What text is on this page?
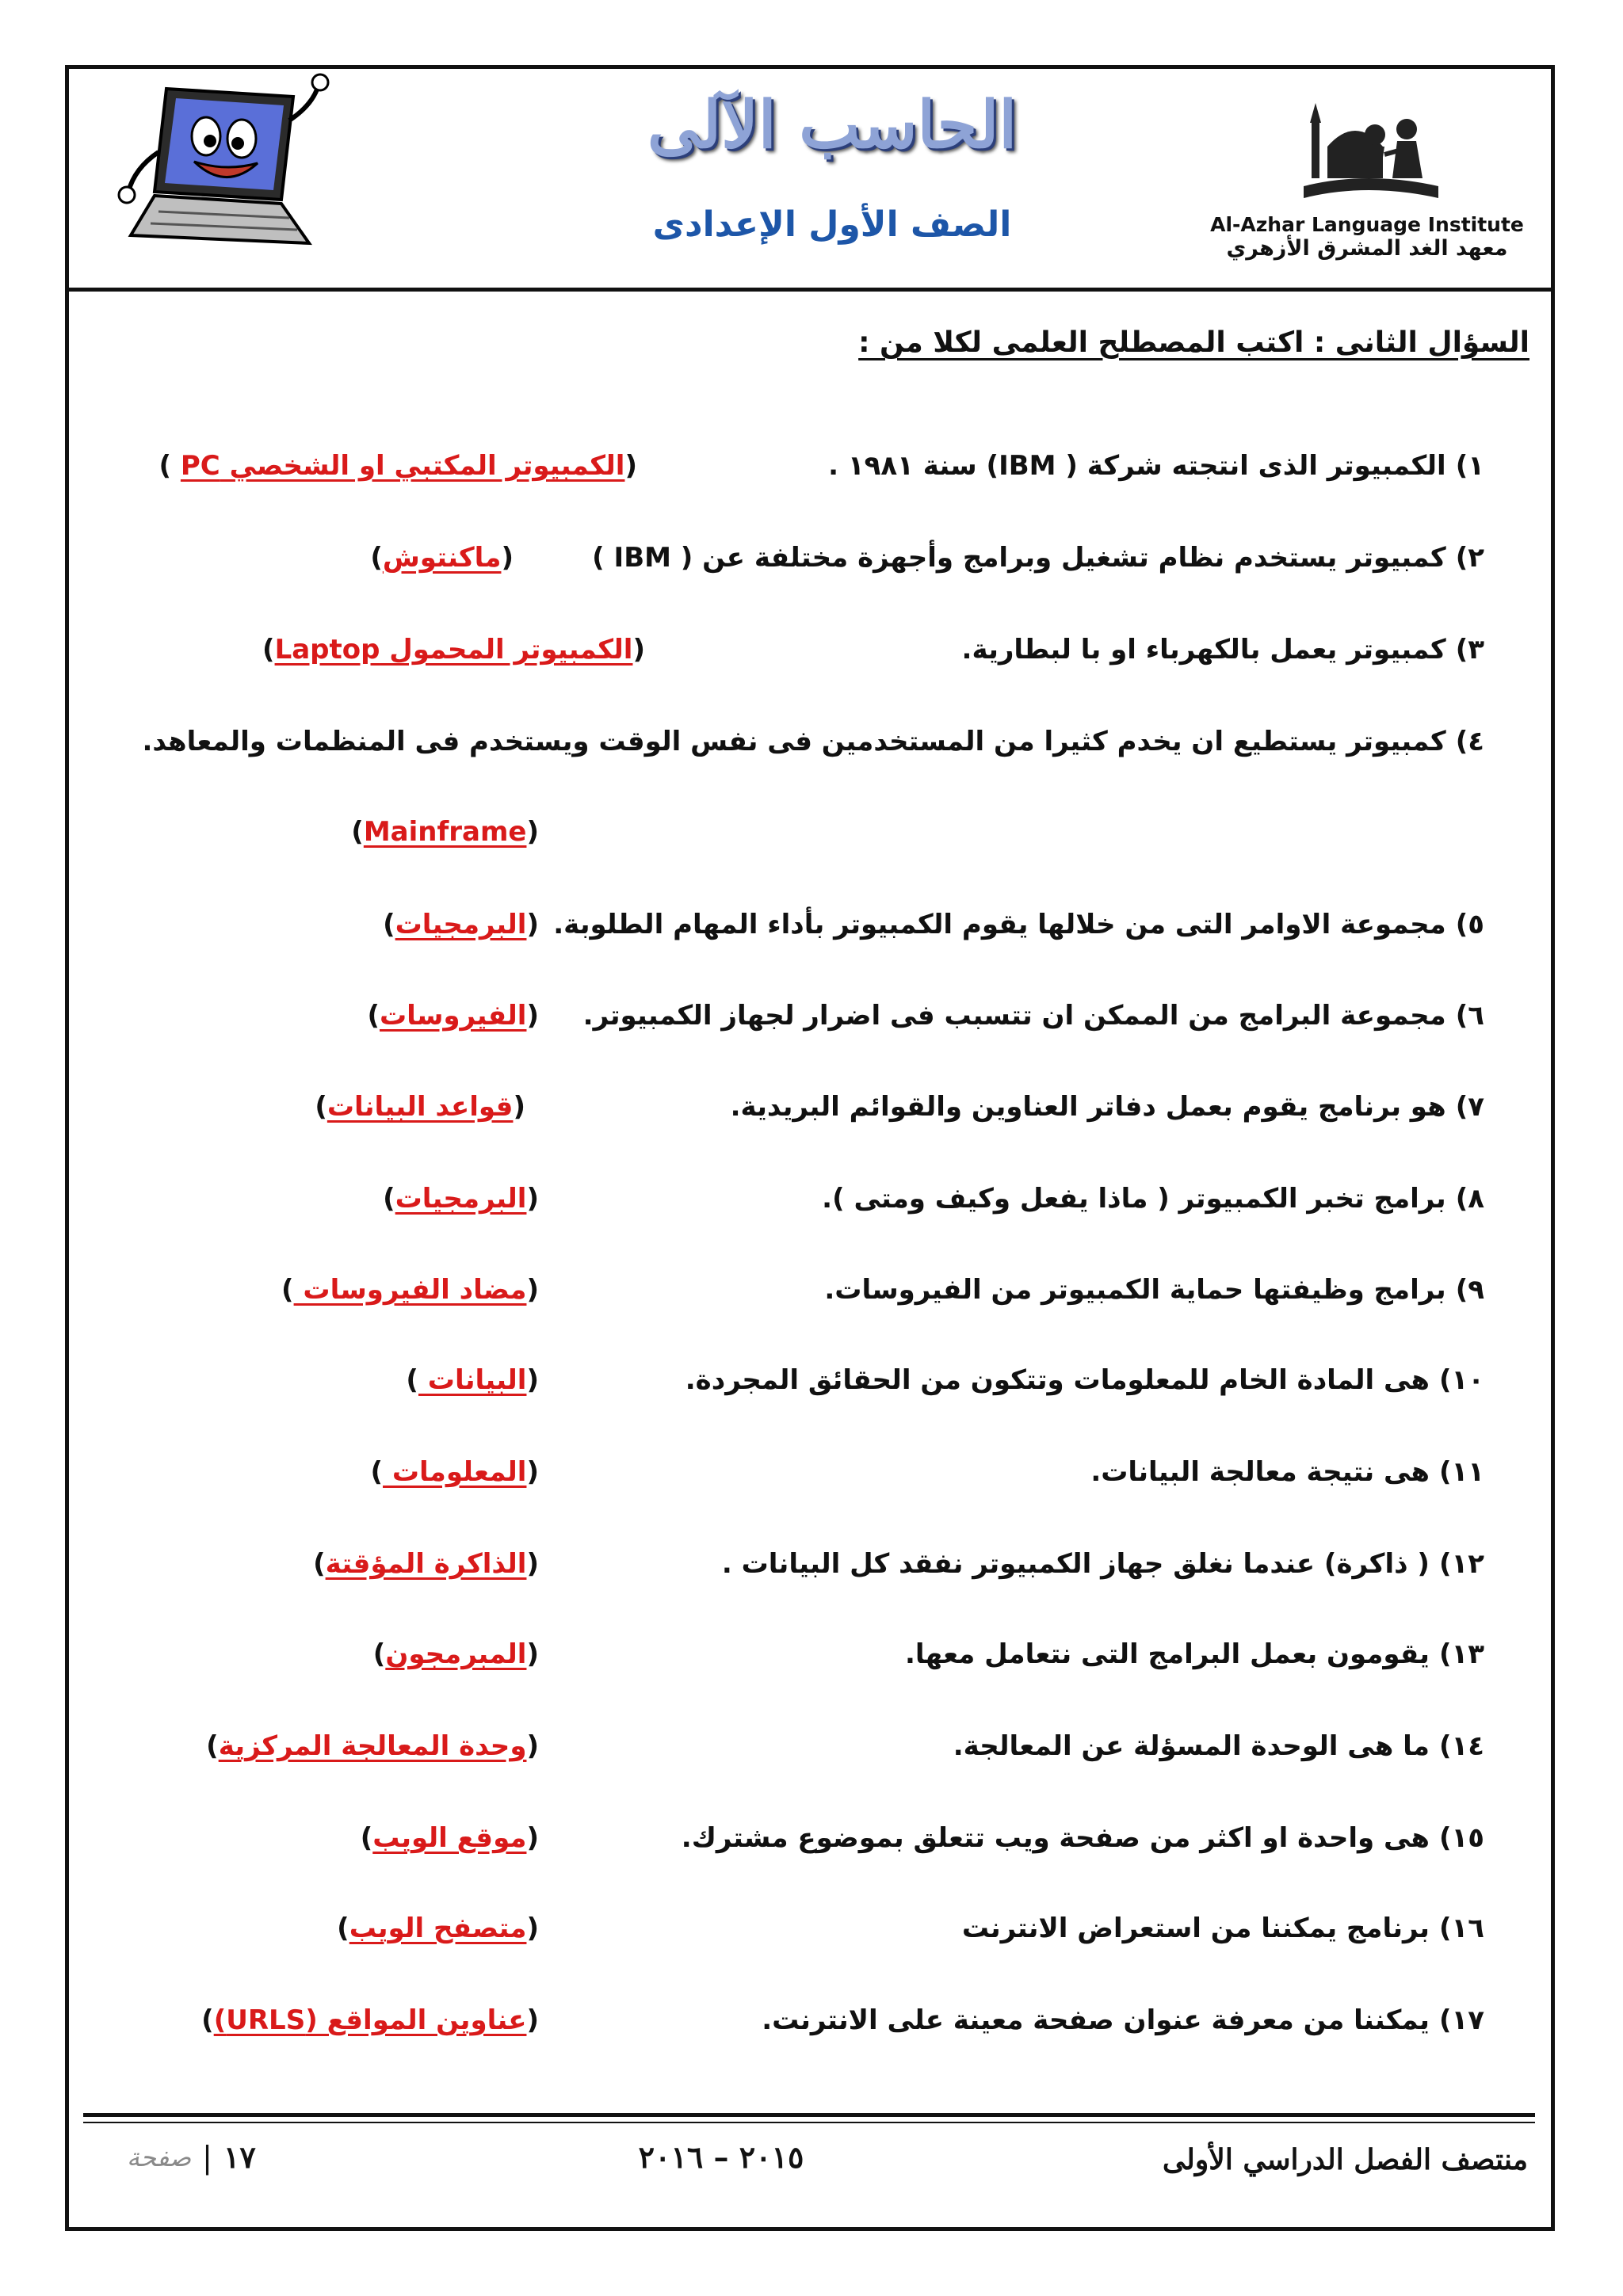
الحاسب الآلى
الصف الأول الإعدادى	Al-Azhar Language Institute
معهد الغد المشرق الأزهري
السؤال الثانى : اكتب المصطلح العلمى لكلا من :
١)الكمبيوتر الذى انتجته شركة ( IBM) سنة ١٩٨١ .
(الكمبيوتر المكتبي او الشخصي PC )
٢)كمبيوتر يستخدم نظام تشغيل وبرامج وأجهزة مختلفة عن ( IBM )
(ماكنتوش)
٣)كمبيوتر يعمل بالكهرباء او با لبطارية.
(الكمبيوتر المحمول Laptop)
٤)كمبيوتر يستطيع ان يخدم كثيرا من المستخدمين فى نفس الوقت ويستخدم فى المنظمات والمعاهد.
(Mainframe)
٥)مجموعة الاوامر التى من خلالها يقوم الكمبيوتر بأداء المهام الطلوبة.
(البرمجيات)
٦)مجموعة البرامج من الممكن ان تتسبب فى اضرار لجهاز الكمبيوتر.
(الفيروسات)
٧)هو برنامج يقوم بعمل دفاتر العناوين والقوائم البريدية.
(قواعد البيانات)
٨)برامج تخبر الكمبيوتر ( ماذا يفعل وكيف ومتى ).
(البرمجيات)
٩)برامج وظيفتها حماية الكمبيوتر من الفيروسات.
(مضاد الفيروسات )
١٠)هى المادة الخام للمعلومات وتتكون من الحقائق المجردة.
(البيانات )
١١)هى نتيجة معالجة البيانات.
(المعلومات )
١٢)( ذاكرة) عندما نغلق جهاز الكمبيوتر نفقد كل البيانات .
(الذاكرة المؤقتة)
١٣)يقومون بعمل البرامج التى نتعامل معها.
(المبرمجون)
١٤)ما هى الوحدة المسؤلة عن المعالجة.
(وحدة المعالجة المركزية)
١٥)هى واحدة او اكثر من صفحة ويب تتعلق بموضوع مشترك.
(موقع الويب)
١٦)برنامج يمكننا من استعراض الانترنت
(متصفح الويب)
١٧)يمكننا من معرفة عنوان صفحة معينة على الانترنت.
(عناوين المواقع (URLS))
منتصف الفصل الدراسي الأولى
٢٠١٥ – ٢٠١٦
١٧
|
صفحة
